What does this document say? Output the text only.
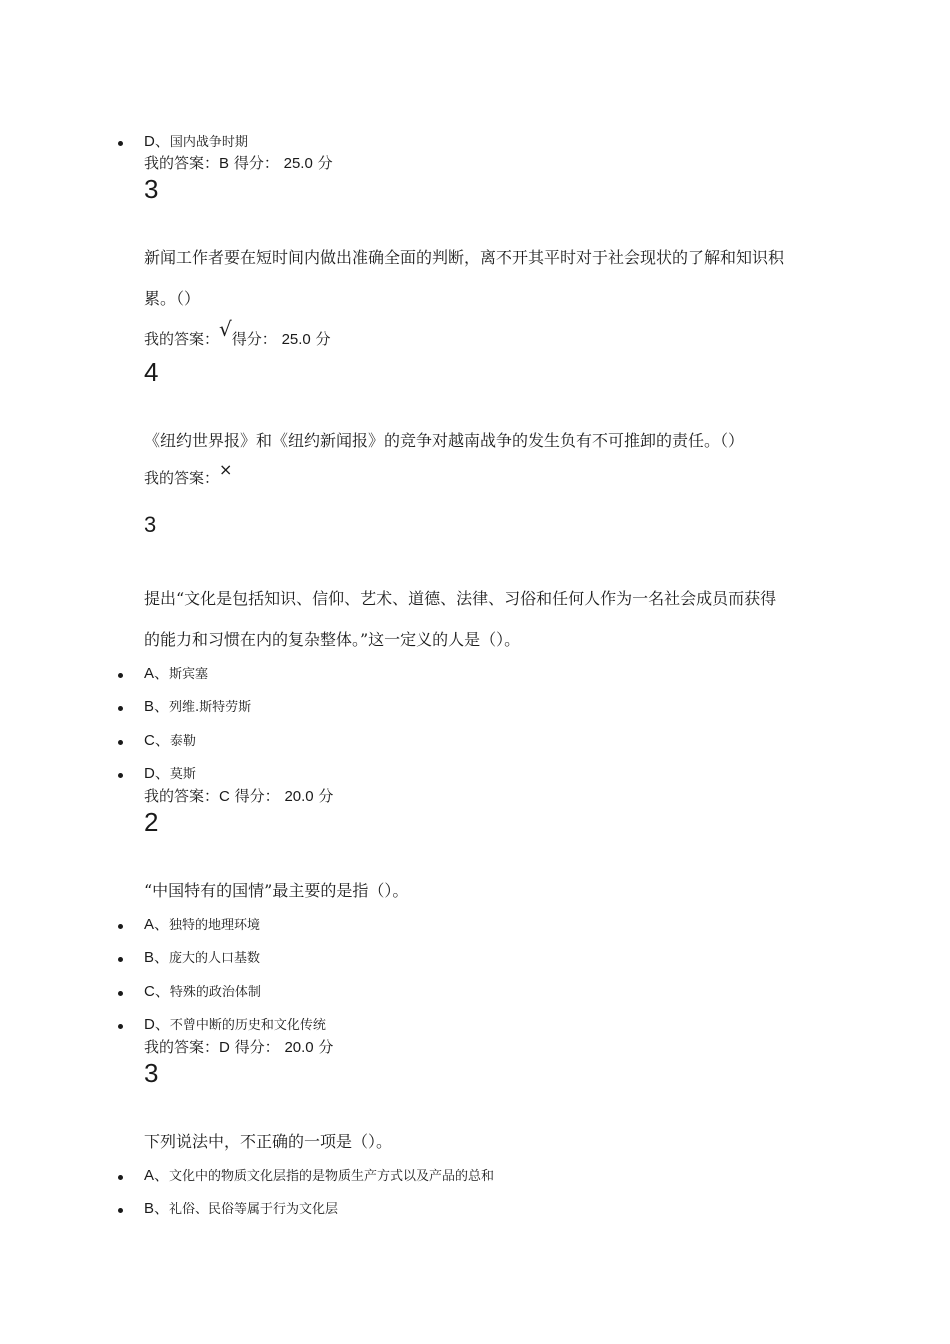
D、国内战争时期
我的答案：B 得分： 25.0 分
3
新闻工作者要在短时间内做出准确全面的判断，离不开其平时对于社会现状的了解和知识积
累。（）
我的答案：√得分： 25.0 分
4
《纽约世界报》和《纽约新闻报》的竞争对越南战争的发生负有不可推卸的责任。（）
我的答案：×
3
提出“文化是包括知识、信仰、艺术、道德、法律、习俗和任何人作为一名社会成员而获得
的能力和习惯在内的复杂整体。”这一定义的人是（）。
A、斯宾塞
B、列维.斯特劳斯
C、泰勒
D、莫斯
我的答案：C 得分： 20.0 分
2
“中国特有的国情”最主要的是指（）。
A、独特的地理环境
B、庞大的人口基数
C、特殊的政治体制
D、不曾中断的历史和文化传统
我的答案：D 得分： 20.0 分
3
下列说法中，不正确的一项是（）。
A、文化中的物质文化层指的是物质生产方式以及产品的总和
B、礼俗、民俗等属于行为文化层
